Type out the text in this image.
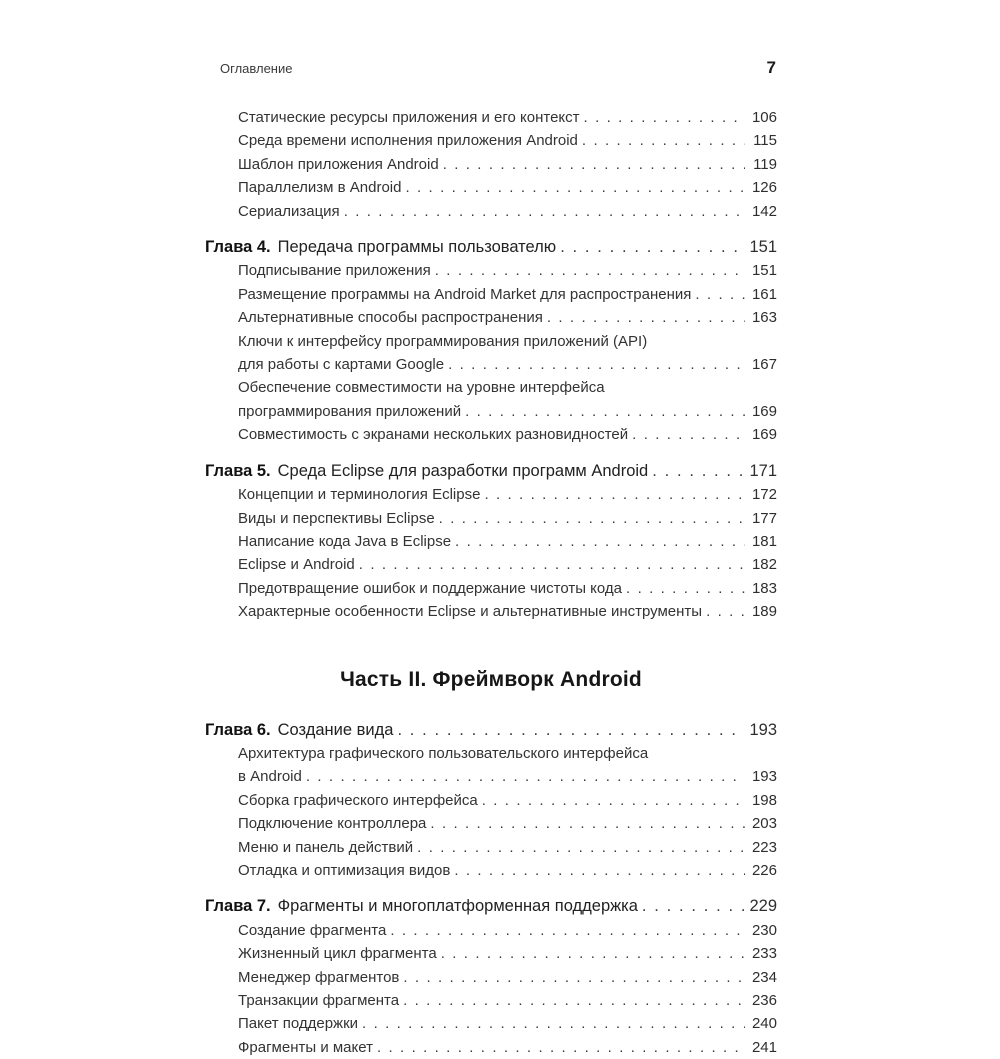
Оглавление	7
Статические ресурсы приложения и его контекст . . .	106
Среда времени исполнения приложения Android . . .	115
Шаблон приложения Android . . .	119
Параллелизм в Android . . .	126
Сериализация . . .	142
Глава 4. Передача программы пользователю . . .	151
Подписывание приложения . . .	151
Размещение программы на Android Market для распространения . . .	161
Альтернативные способы распространения . . .	163
Ключи к интерфейсу программирования приложений (API)
для работы с картами Google . . .	167
Обеспечение совместимости на уровне интерфейса
программирования приложений . . .	169
Совместимость с экранами нескольких разновидностей . . .	169
Глава 5. Среда Eclipse для разработки программ Android . . .	171
Концепции и терминология Eclipse . . .	172
Виды и перспективы Eclipse . . .	177
Написание кода Java в Eclipse . . .	181
Eclipse и Android . . .	182
Предотвращение ошибок и поддержание чистоты кода . . .	183
Характерные особенности Eclipse и альтернативные инструменты . . .	189
Часть II. Фреймворк Android
Глава 6. Создание вида . . .	193
Архитектура графического пользовательского интерфейса
в Android . . .	193
Сборка графического интерфейса . . .	198
Подключение контроллера . . .	203
Меню и панель действий . . .	223
Отладка и оптимизация видов . . .	226
Глава 7. Фрагменты и многоплатформенная поддержка . . .	229
Создание фрагмента . . .	230
Жизненный цикл фрагмента . . .	233
Менеджер фрагментов . . .	234
Транзакции фрагмента . . .	236
Пакет поддержки . . .	240
Фрагменты и макет . . .	241
